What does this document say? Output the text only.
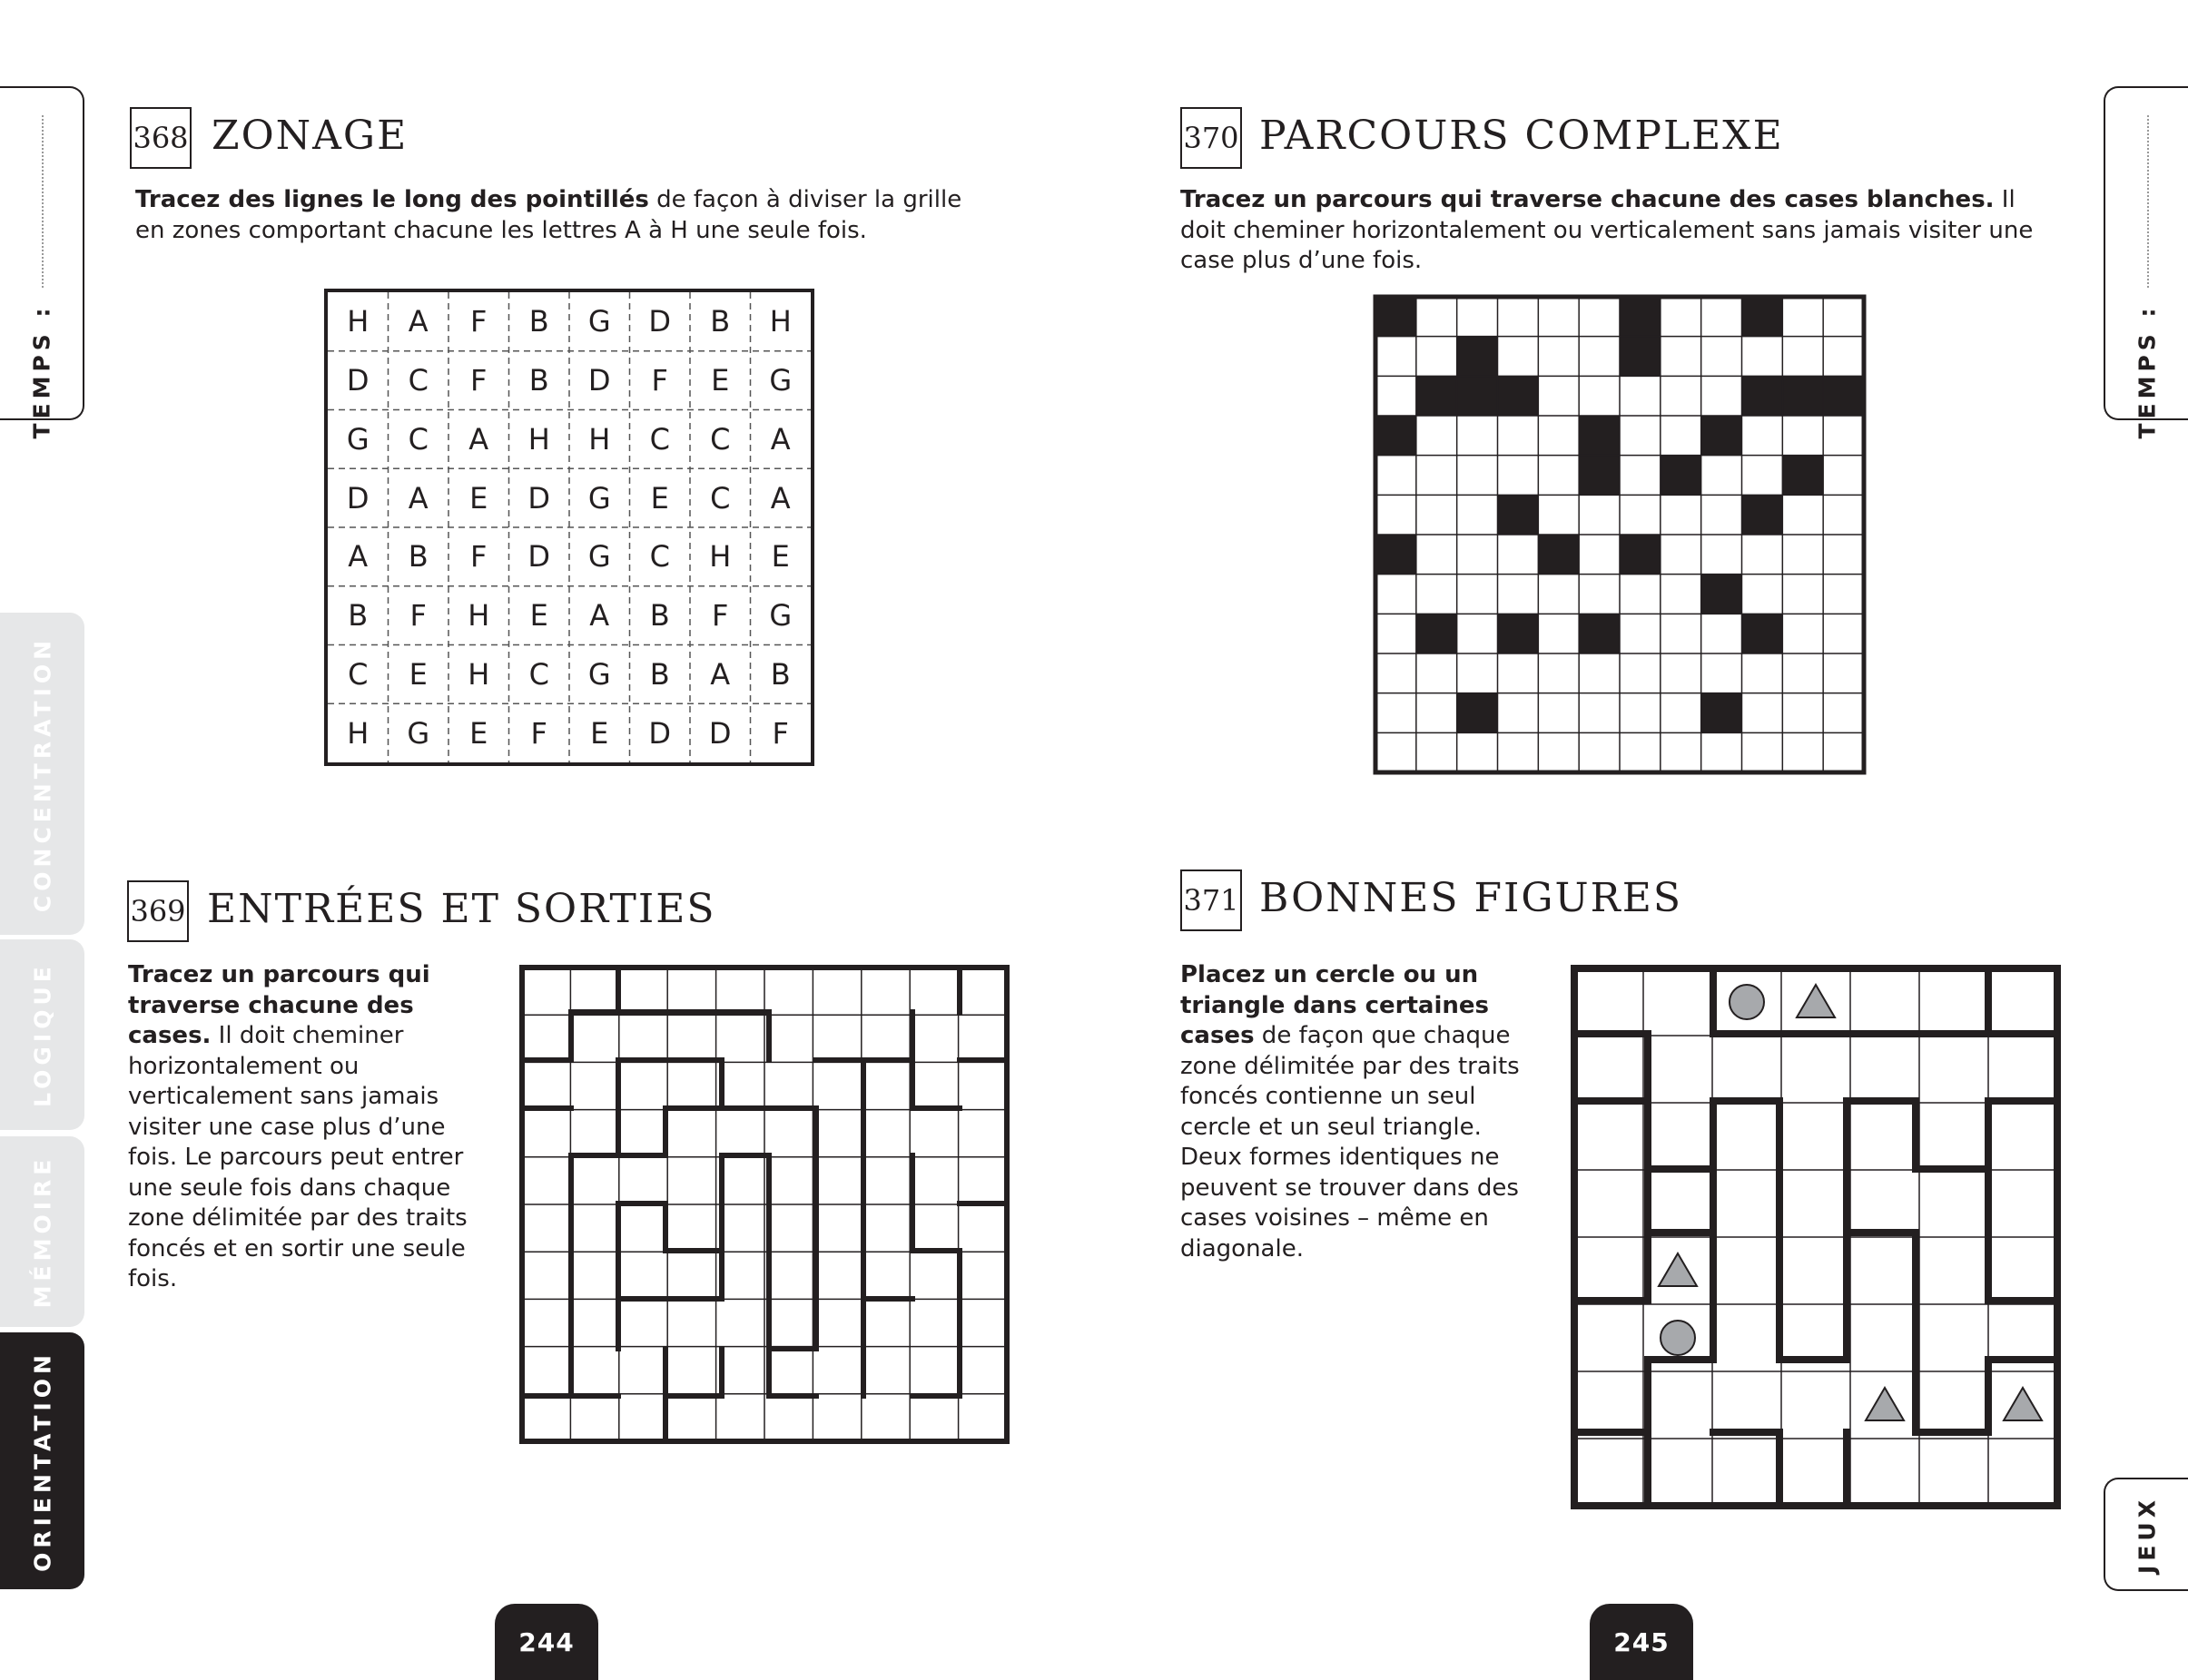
TEMPS :
CONCENTRATION
LOGIQUE
MÉMOIRE
ORIENTATION
TEMPS :
JEUX
368 ZONAGE
Tracez des lignes le long des pointillés de façon à diviser la grille en zones comportant chacune les lettres A à H une seule fois.
H	A	F	B	G	D	B	H
D	C	F	B	D	F	E	G
G	C	A	H	H	C	C	A
D	A	E	D	G	E	C	A
A	B	F	D	G	C	H	E
B	F	H	E	A	B	F	G
C	E	H	C	G	B	A	B
H	G	E	F	E	D	D	F
369 ENTRÉES ET SORTIES
Tracez un parcours qui traverse chacune des cases. Il doit cheminer horizontalement ou verticalement sans jamais visiter une case plus d’une fois. Le parcours peut entrer une seule fois dans chaque zone délimitée par des traits foncés et en sortir une seule fois.
370 PARCOURS COMPLEXE
Tracez un parcours qui traverse chacune des cases blanches. Il doit cheminer horizontalement ou verticalement sans jamais visiter une case plus d’une fois.
371 BONNES FIGURES
Placez un cercle ou un triangle dans certaines cases de façon que chaque zone délimitée par des traits foncés contienne un seul cercle et un seul triangle. Deux formes identiques ne peuvent se trouver dans des cases voisines – même en diagonale.
244	245
